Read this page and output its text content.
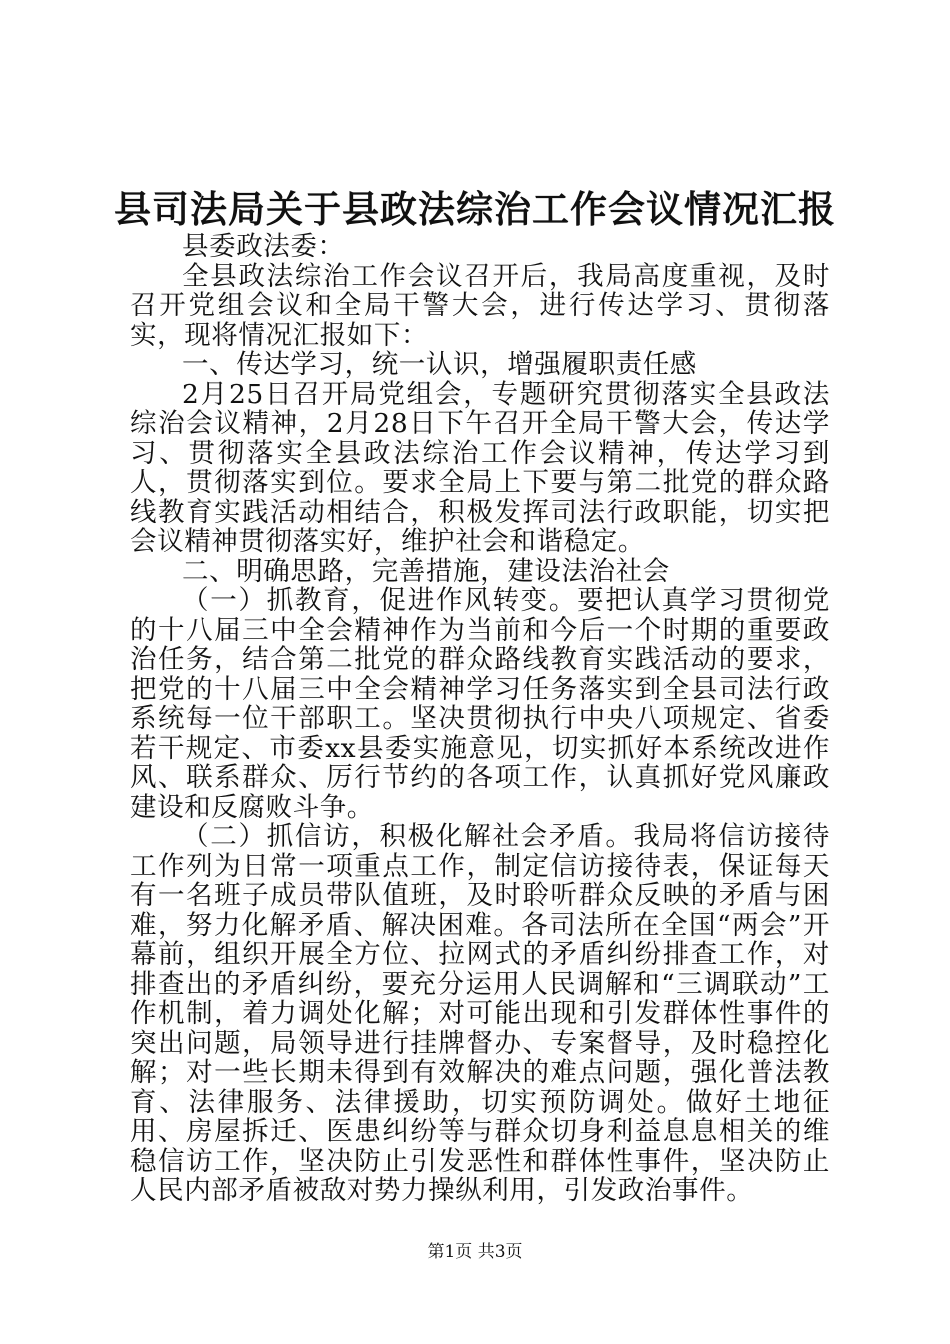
县司法局关于县政法综治工作会议情况汇报

县委政法委：

全县政法综治工作会议召开后，我局高度重视，及时召开党组会议和全局干警大会，进行传达学习、贯彻落实，现将情况汇报如下：

一、传达学习，统一认识，增强履职责任感

2月25日召开局党组会，专题研究贯彻落实全县政法综治会议精神，2月28日下午召开全局干警大会，传达学习、贯彻落实全县政法综治工作会议精神，传达学习到人，贯彻落实到位。要求全局上下要与第二批党的群众路线教育实践活动相结合，积极发挥司法行政职能，切实把会议精神贯彻落实好，维护社会和谐稳定。

二、明确思路，完善措施，建设法治社会

（一）抓教育，促进作风转变。要把认真学习贯彻党的十八届三中全会精神作为当前和今后一个时期的重要政治任务，结合第二批党的群众路线教育实践活动的要求，把党的十八届三中全会精神学习任务落实到全县司法行政系统每一位干部职工。坚决贯彻执行中央八项规定、省委若干规定、市委xx县委实施意见，切实抓好本系统改进作风、联系群众、厉行节约的各项工作，认真抓好党风廉政建设和反腐败斗争。

（二）抓信访，积极化解社会矛盾。我局将信访接待工作列为日常一项重点工作，制定信访接待表，保证每天有一名班子成员带队值班，及时聆听群众反映的矛盾与困难，努力化解矛盾、解决困难。各司法所在全国“两会”开幕前，组织开展全方位、拉网式的矛盾纠纷排查工作，对排查出的矛盾纠纷，要充分运用人民调解和“三调联动”工作机制，着力调处化解；对可能出现和引发群体性事件的突出问题，局领导进行挂牌督办、专案督导，及时稳控化解；对一些长期未得到有效解决的难点问题，强化普法教育、法律服务、法律援助，切实预防调处。做好土地征用、房屋拆迁、医患纠纷等与群众切身利益息息相关的维稳信访工作，坚决防止引发恶性和群体性事件，坚决防止人民内部矛盾被敌对势力操纵利用，引发政治事件。

第1页 共3页
